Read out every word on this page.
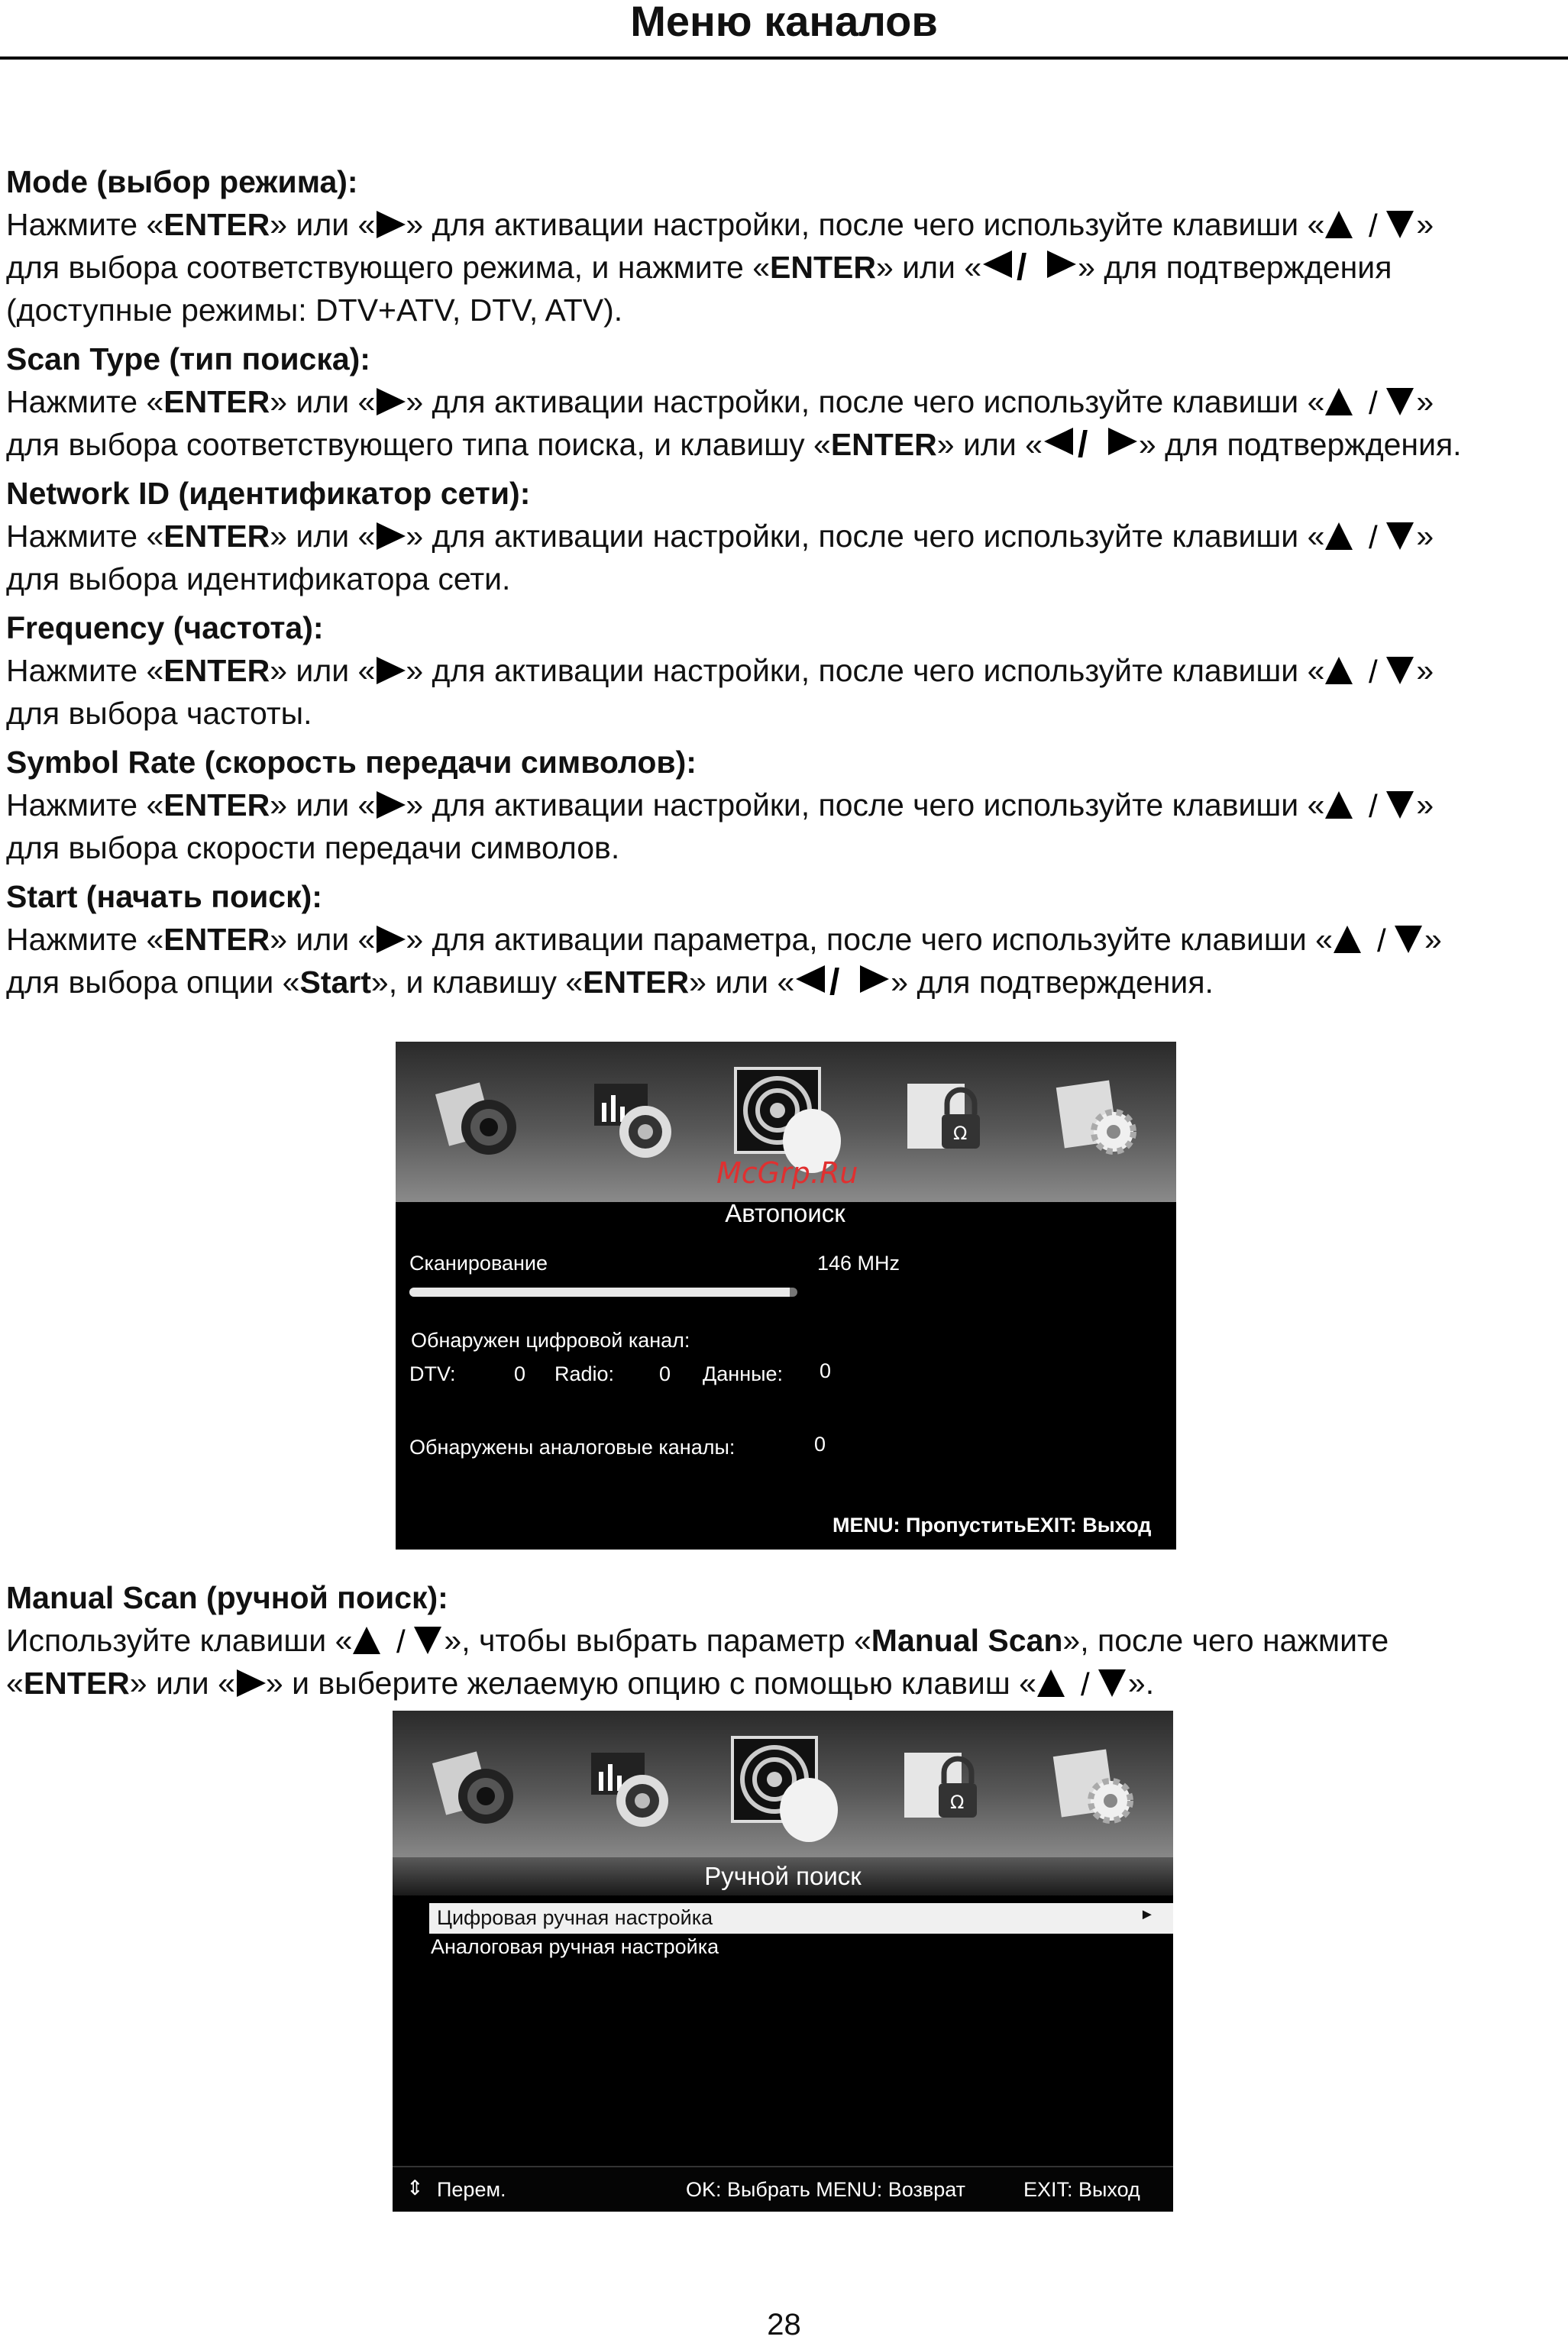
Меню каналов

Mode (выбор режима):

Нажмите «ENTER» или « » для активации настройки, после чего используйте клавиши « / »
для выбора соответствующего режима, и нажмите «ENTER» или « / » для подтверждения
(доступные режимы: DTV+ATV, DTV, ATV).

Scan Type (тип поиска):

Нажмите «ENTER» или « » для активации настройки, после чего используйте клавиши « / »
для выбора соответствующего типа поиска, и клавишу «ENTER» или « / » для подтверждения.

Network ID (идентификатор сети):

Нажмите «ENTER» или « » для активации настройки, после чего используйте клавиши « / »
для выбора идентификатора сети.

Frequency (частота):

Нажмите «ENTER» или « » для активации настройки, после чего используйте клавиши « / »
для выбора частоты.

Symbol Rate (скорость передачи символов):

Нажмите «ENTER» или « » для активации настройки, после чего используйте клавиши « / »
для выбора скорости передачи символов.

Start (начать поиск):

Нажмите «ENTER» или « » для активации параметра, после чего используйте клавиши « / »
для выбора опции «Start», и клавишу «ENTER» или « / » для подтверждения.

Ω
McGrp.Ru
Автопоиск
Сканирование	146 MHz
Обнаружен цифровой канал:
DTV:	0 Radio: 0 Данные: 0
Обнаружены аналоговые каналы:	0
MENU: ПропуститьEXIT: Выход

Manual Scan (ручной поиск):

Используйте клавиши « / », чтобы выбрать параметр «Manual Scan», после чего нажмите
«ENTER» или « » и выберите желаемую опцию с помощью клавиш « / ».

Ω
Ручной поиск
Цифровая ручная настройка	►
Аналоговая ручная настройка
⇕ Перем.	OK: Выбрать MENU: Возврат	EXIT: Выход
28
